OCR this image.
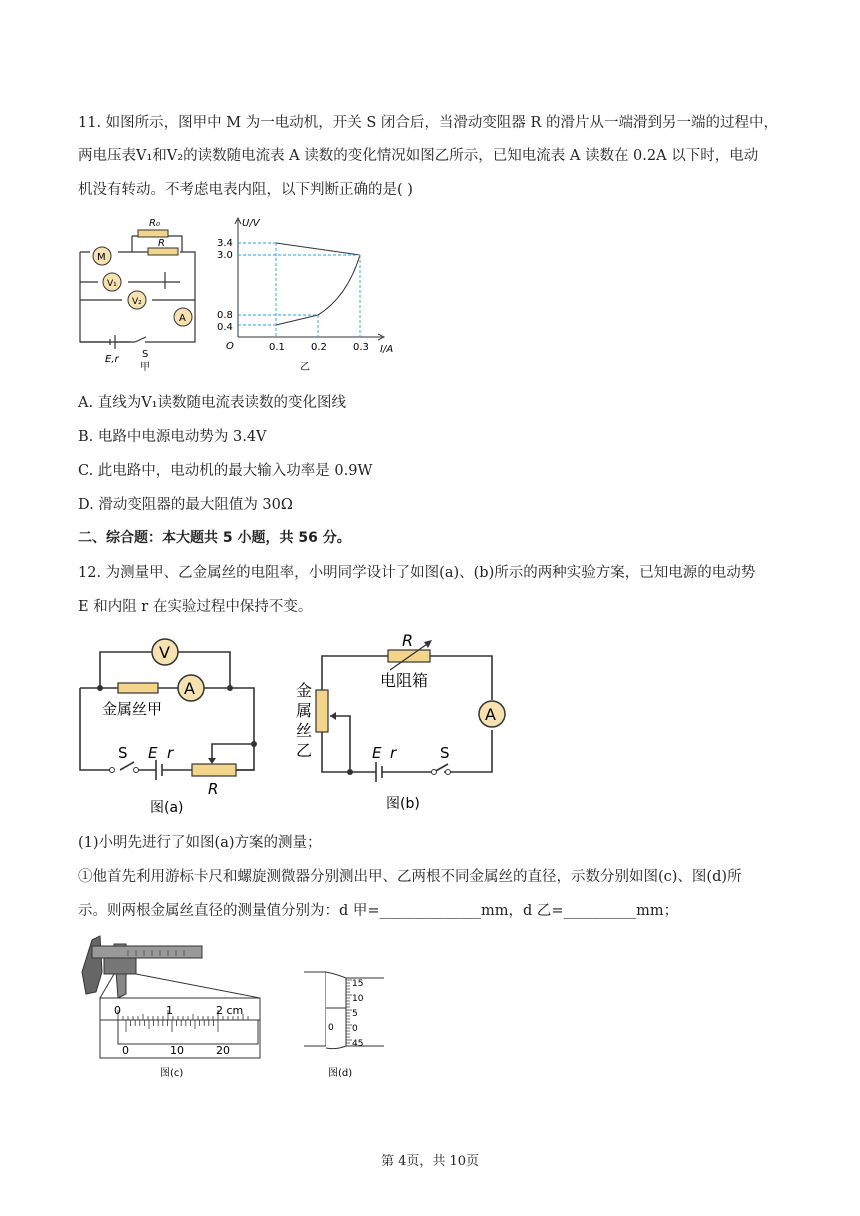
11. 如图所示，图甲中 M 为一电动机，开关 S 闭合后，当滑动变阻器 R 的滑片从一端滑到另一端的过程中，
两电压表V₁和V₂的读数随电流表 A 读数的变化情况如图乙所示，已知电流表 A 读数在 0.2A 以下时，电动
机没有转动。不考虑电表内阻，以下判断正确的是( )
R₀
R
M
V₁
V₂
A
E,r S
甲
U/V
I/A
O
3.4
3.0
0.8
0.4
0.1	0.2	0.3
乙
A. 直线为V₁读数随电流表读数的变化图线
B. 电路中电源电动势为 3.4V
C. 此电路中，电动机的最大输入功率是 0.9W
D. 滑动变阻器的最大阻值为 30Ω
二、综合题：本大题共 5 小题，共 56 分。
12. 为测量甲、乙金属丝的电阻率，小明同学设计了如图(a)、(b)所示的两种实验方案，已知电源的电动势
E 和内阻 r 在实验过程中保持不变。
V
A
金属丝甲
S E r
R
图(a)
A
R
电阻箱
金
属
丝
乙	E r	S
图(b)
(1)小明先进行了如图(a)方案的测量；
①他首先利用游标卡尺和螺旋测微器分别测出甲、乙两根不同金属丝的直径，示数分别如图(c)、图(d)所
示。则两根金属丝直径的测量值分别为：d 甲=______________mm，d 乙=__________mm；
0	1	2 cm
0	10	20
图(c)
0
15
10
5
0
45
图(d)
第 4页，共 10页
